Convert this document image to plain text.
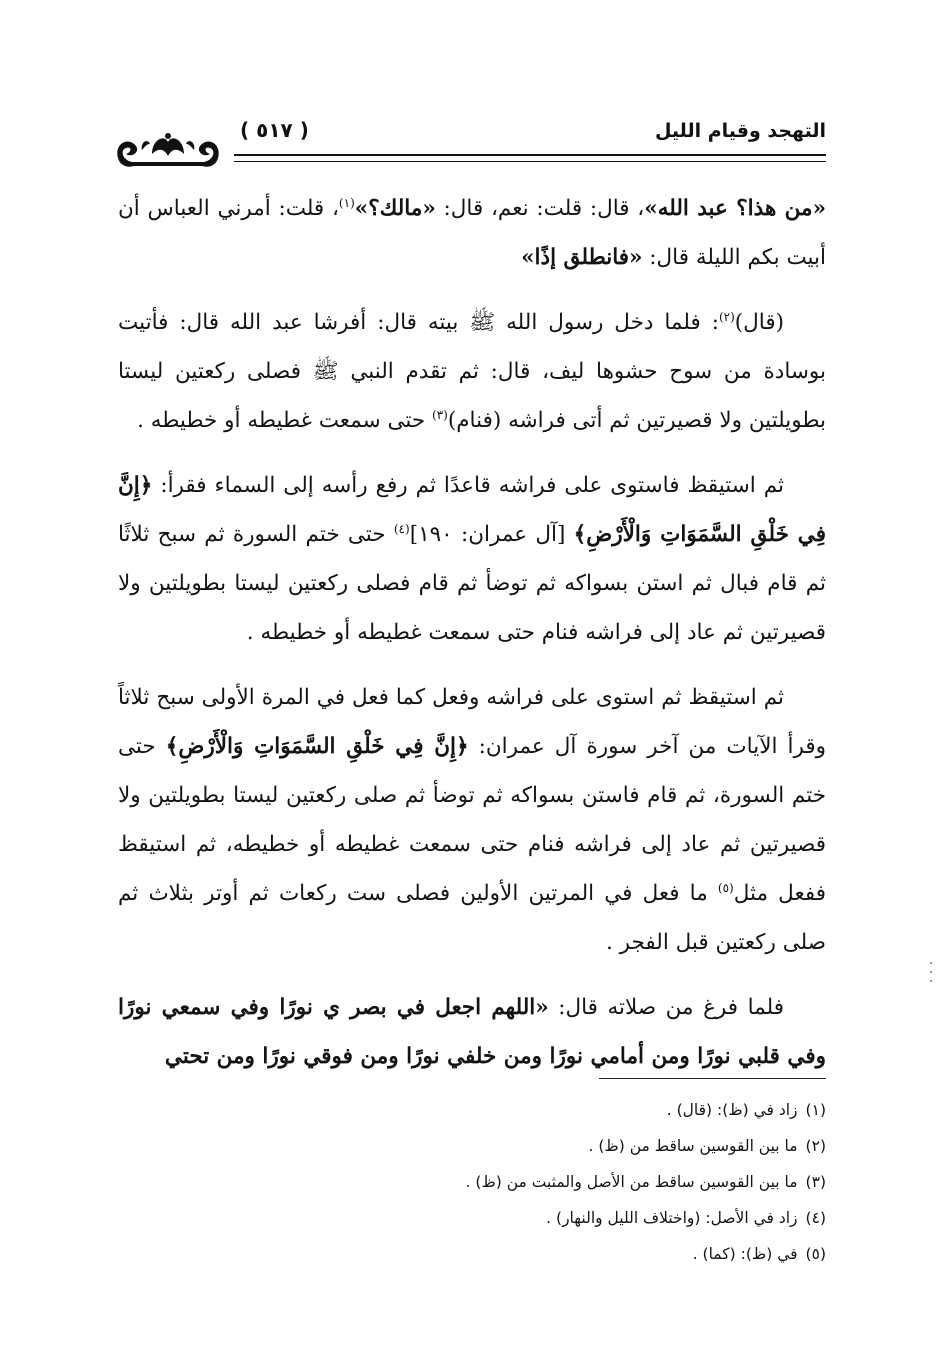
التهجد وقيام الليل
( ٥١٧ )

«من هذا؟ عبد الله»، قال: قلت: نعم، قال: «مالك؟»$^{(١)}$، قلت: أمرني العباس أن أبيت بكم الليلة قال: «فانطلق إذًا»

(قال)$^{(٢)}$: فلما دخل رسول الله ﷺ بيته قال: أفرشا عبد الله قال: فأتيت بوسادة من سوح حشوها ليف، قال: ثم تقدم النبي ﷺ فصلى ركعتين ليستا بطويلتين ولا قصيرتين ثم أتى فراشه (فنام)$^{(٣)}$ حتى سمعت غطيطه أو خطيطه .

ثم استيقظ فاستوى على فراشه قاعدًا ثم رفع رأسه إلى السماء فقرأ: ﴿إِنَّ فِي خَلْقِ السَّمَوَاتِ وَالْأَرْضِ﴾ [آل عمران: ١٩٠]$^{(٤)}$ حتى ختم السورة ثم سبح ثلاثًا ثم قام فبال ثم استن بسواكه ثم توضأ ثم قام فصلى ركعتين ليستا بطويلتين ولا قصيرتين ثم عاد إلى فراشه فنام حتى سمعت غطيطه أو خطيطه .

ثم استيقظ ثم استوى على فراشه وفعل كما فعل في المرة الأولى سبح ثلاثاً وقرأ الآيات من آخر سورة آل عمران: ﴿إِنَّ فِي خَلْقِ السَّمَوَاتِ وَالْأَرْضِ﴾ حتى ختم السورة، ثم قام فاستن بسواكه ثم توضأ ثم صلى ركعتين ليستا بطويلتين ولا قصيرتين ثم عاد إلى فراشه فنام حتى سمعت غطيطه أو خطيطه، ثم استيقظ ففعل مثل$^{(٥)}$ ما فعل في المرتين الأولين فصلى ست ركعات ثم أوتر بثلاث ثم صلى ركعتين قبل الفجر .

فلما فرغ من صلاته قال: «اللهم اجعل في بصر ي نورًا وفي سمعي نورًا وفي قلبي نورًا ومن أمامي نورًا ومن خلفي نورًا ومن فوقي نورًا ومن تحتي

(١)زاد في (ظ): (قال) .
(٢)ما بين القوسين ساقط من (ظ) .
(٣)ما بين القوسين ساقط من الأصل والمثبت من (ظ) .
(٤)زاد في الأصل: (واختلاف الليل والنهار) .
(٥)في (ظ): (كما) .
